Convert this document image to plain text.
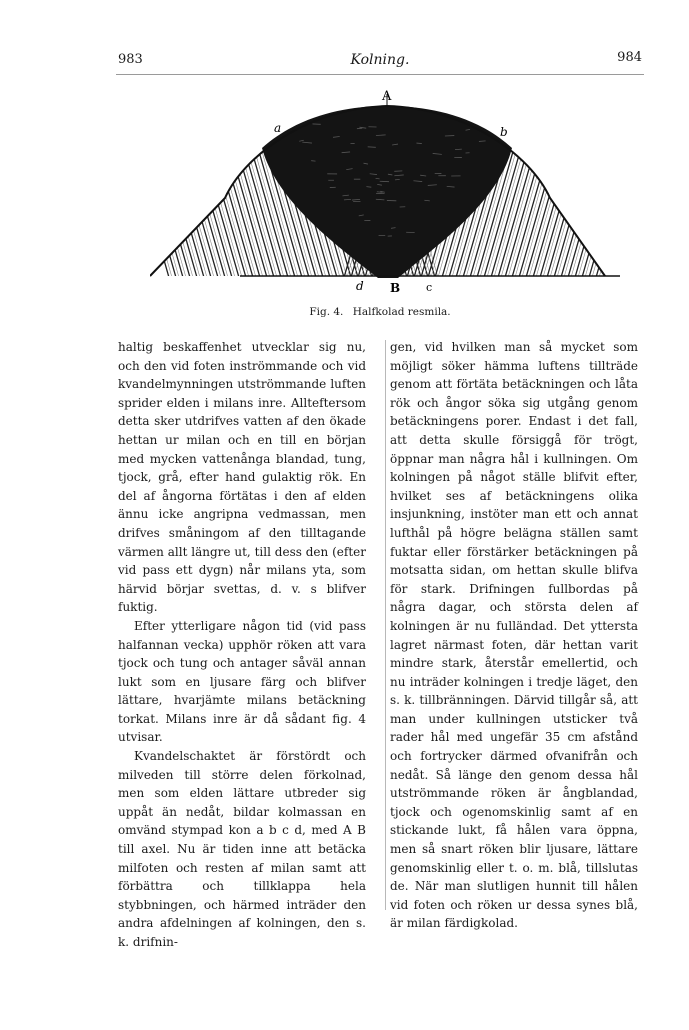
983	Kolning.	984
A
a	b
d B c
Fig. 4. Halfkolad resmila.

haltig beskaffenhet utvecklar sig nu, och den vid foten inströmmande och vid kvandelmynningen utströmmande luften sprider elden i milans inre. Allteftersom detta sker utdrifves vatten af den ökade hettan ur milan och en till en början med mycken vattenånga blandad, tung, tjock, grå, efter hand gulaktig rök. En del af ångorna förtätas i den af elden ännu icke angripna vedmassan, men drifves småningom af den tilltagande värmen allt längre ut, till dess den (efter vid pass ett dygn) når milans yta, som härvid börjar svettas, d. v. s blifver fuktig.

Efter ytterligare någon tid (vid pass halfannan vecka) upphör röken att vara tjock och tung och antager såväl annan lukt som en ljusare färg och blifver lättare, hvarjämte milans betäckning torkat. Milans inre är då sådant fig. 4 utvisar.

Kvandelschaktet är förstördt och milveden till större delen förkolnad, men som elden lättare utbreder sig uppåt än nedåt, bildar kolmassan en omvänd stympad kon a b c d, med A B till axel. Nu är tiden inne att betäcka milfoten och resten af milan samt att förbättra och tillklappa hela stybbningen, och härmed inträder den andra afdelningen af kolningen, den s. k. drifnin-

gen, vid hvilken man så mycket som möjligt söker hämma luftens tillträde genom att förtäta betäckningen och låta rök och ångor söka sig utgång genom betäckningens porer. Endast i det fall, att detta skulle försiggå för trögt, öppnar man några hål i kullningen. Om kolningen på något ställe blifvit efter, hvilket ses af betäckningens olika insjunkning, instöter man ett och annat lufthål på högre belägna ställen samt fuktar eller förstärker betäckningen på motsatta sidan, om hettan skulle blifva för stark. Drifningen fullbordas på några dagar, och största delen af kolningen är nu fulländad. Det yttersta lagret närmast foten, där hettan varit mindre stark, återstår emellertid, och nu inträder kolningen i tredje läget, den s. k. tillbränningen. Därvid tillgår så, att man under kullningen utsticker två rader hål med ungefär 35 cm afstånd och fortrycker därmed ofvanifrån och nedåt. Så länge den genom dessa hål utströmmande röken är ångblandad, tjock och ogenomskinlig samt af en stickande lukt, få hålen vara öppna, men så snart röken blir ljusare, lättare genomskinlig eller t. o. m. blå, tillslutas de. När man slutligen hunnit till hålen vid foten och röken ur dessa synes blå, är milan färdigkolad.
